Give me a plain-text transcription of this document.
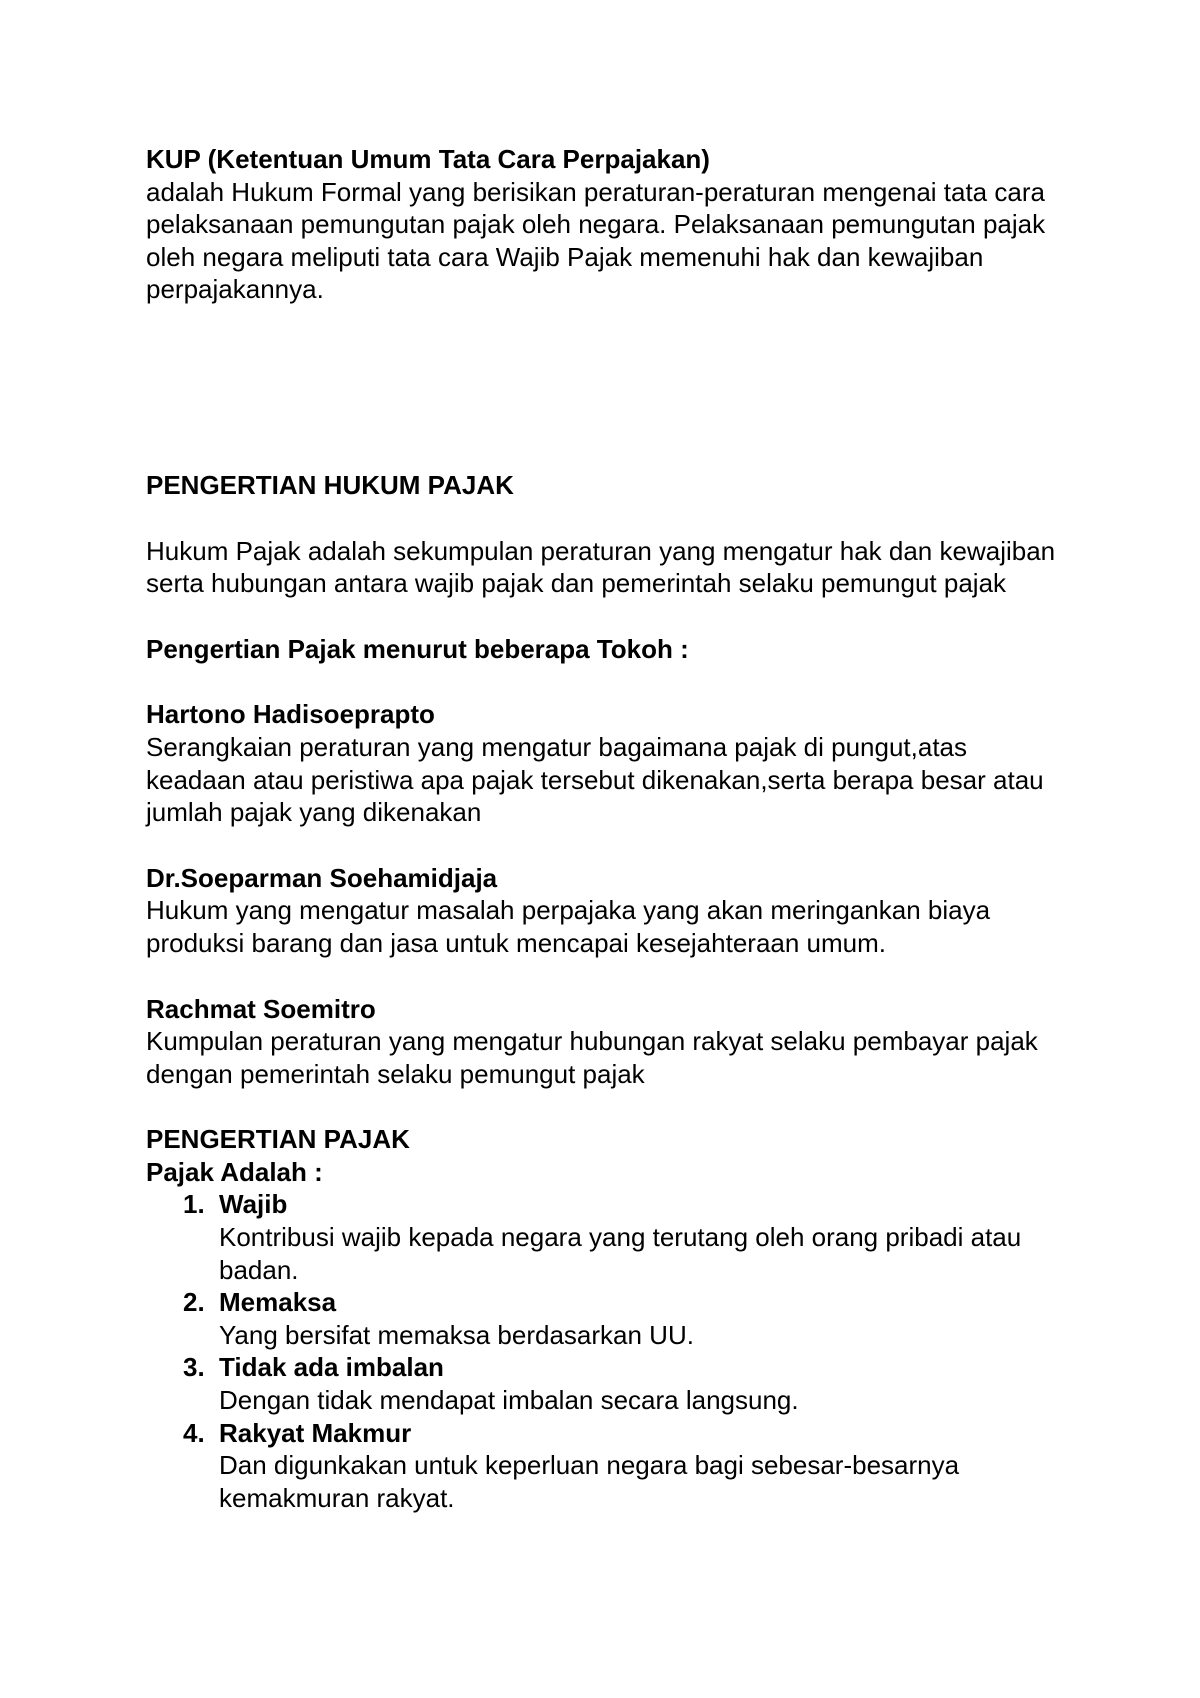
KUP (Ketentuan Umum Tata Cara Perpajakan)

adalah Hukum Formal yang berisikan peraturan-peraturan mengenai tata cara pelaksanaan pemungutan pajak oleh negara. Pelaksanaan pemungutan pajak oleh negara meliputi tata cara Wajib Pajak memenuhi hak dan kewajiban perpajakannya.

PENGERTIAN HUKUM PAJAK

Hukum Pajak adalah sekumpulan peraturan yang mengatur hak dan kewajiban serta hubungan antara wajib pajak dan pemerintah selaku pemungut pajak

Pengertian Pajak menurut beberapa Tokoh :

Hartono Hadisoeprapto

Serangkaian peraturan yang mengatur bagaimana pajak di pungut,atas keadaan atau peristiwa apa pajak tersebut dikenakan,serta berapa besar atau jumlah pajak yang dikenakan

Dr.Soeparman Soehamidjaja

Hukum yang mengatur masalah perpajaka yang akan meringankan biaya produksi barang dan jasa untuk mencapai kesejahteraan umum.

Rachmat Soemitro

Kumpulan peraturan yang mengatur hubungan rakyat selaku pembayar pajak dengan pemerintah selaku pemungut pajak

PENGERTIAN PAJAK

Pajak Adalah :

1. Wajib
Kontribusi wajib kepada negara yang terutang oleh orang pribadi atau badan.
2. Memaksa
Yang bersifat memaksa berdasarkan UU.
3. Tidak ada imbalan
Dengan tidak mendapat imbalan secara langsung.
4. Rakyat Makmur
Dan digunkakan untuk keperluan negara bagi sebesar-besarnya kemakmuran rakyat.
